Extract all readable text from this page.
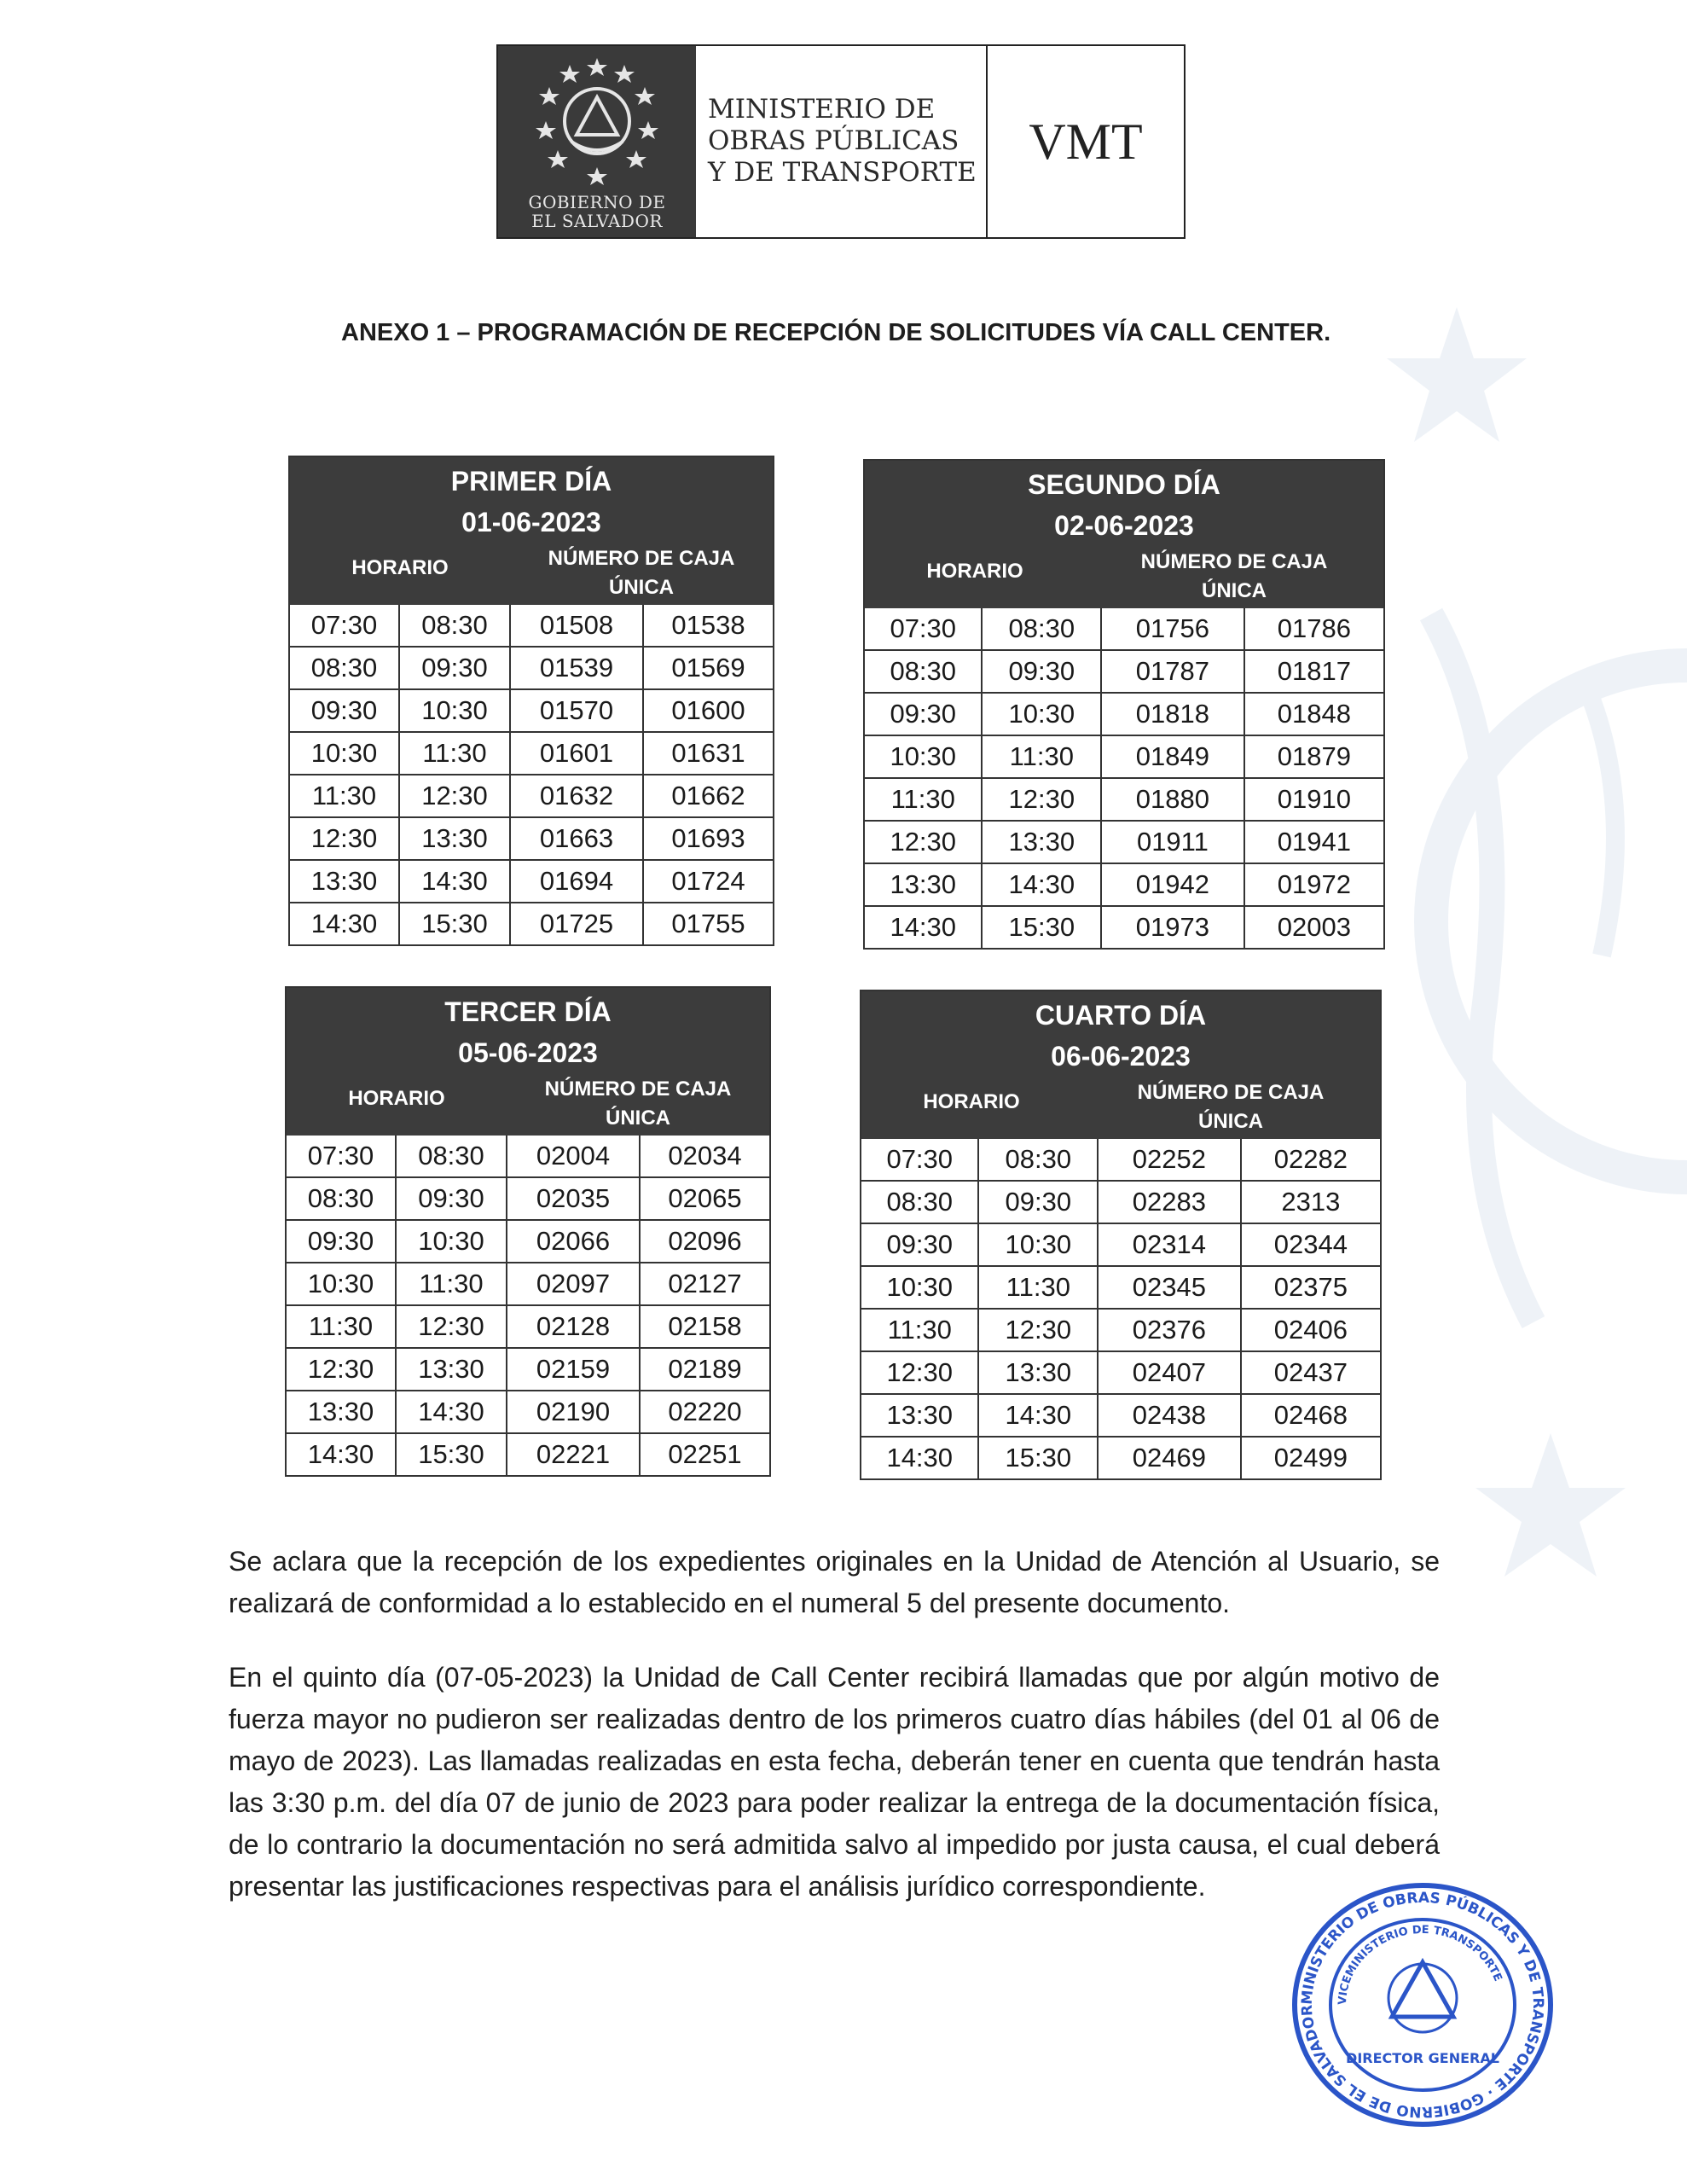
GOBIERNO DE
EL SALVADOR
MINISTERIO DE
OBRAS PÚBLICAS
Y DE TRANSPORTE
VMT
ANEXO 1 – PROGRAMACIÓN DE RECEPCIÓN DE SOLICITUDES VÍA CALL CENTER.
PRIMER DÍA
01-06-2023
HORARIO	NÚMERO DE CAJA
ÚNICA
07:30	08:30	01508	01538
08:30	09:30	01539	01569
09:30	10:30	01570	01600
10:30	11:30	01601	01631
11:30	12:30	01632	01662
12:30	13:30	01663	01693
13:30	14:30	01694	01724
14:30	15:30	01725	01755
SEGUNDO DÍA
02-06-2023
HORARIO	NÚMERO DE CAJA
ÚNICA
07:30	08:30	01756	01786
08:30	09:30	01787	01817
09:30	10:30	01818	01848
10:30	11:30	01849	01879
11:30	12:30	01880	01910
12:30	13:30	01911	01941
13:30	14:30	01942	01972
14:30	15:30	01973	02003
TERCER DÍA
05-06-2023
HORARIO	NÚMERO DE CAJA
ÚNICA
07:30	08:30	02004	02034
08:30	09:30	02035	02065
09:30	10:30	02066	02096
10:30	11:30	02097	02127
11:30	12:30	02128	02158
12:30	13:30	02159	02189
13:30	14:30	02190	02220
14:30	15:30	02221	02251
CUARTO DÍA
06-06-2023
HORARIO	NÚMERO DE CAJA
ÚNICA
07:30	08:30	02252	02282
08:30	09:30	02283	2313
09:30	10:30	02314	02344
10:30	11:30	02345	02375
11:30	12:30	02376	02406
12:30	13:30	02407	02437
13:30	14:30	02438	02468
14:30	15:30	02469	02499
Se aclara que la recepción de los expedientes originales en la Unidad de Atención al Usuario, se realizará de conformidad a lo establecido en el numeral 5 del presente documento.
En el quinto día (07-05-2023) la Unidad de Call Center recibirá llamadas que por algún motivo de fuerza mayor no pudieron ser realizadas dentro de los primeros cuatro días hábiles (del 01 al 06 de mayo de 2023). Las llamadas realizadas en esta fecha, deberán tener en cuenta que tendrán hasta las 3:30 p.m. del día 07 de junio de 2023 para poder realizar la entrega de la documentación física, de lo contrario la documentación no será admitida salvo al impedido por justa causa, el cual deberá presentar las justificaciones respectivas para el análisis jurídico correspondiente.
MINISTERIO DE OBRAS PÚBLICAS Y DE TRANSPORTE · GOBIERNO DE EL SALVADOR
VICEMINISTERIO DE TRANSPORTE
DIRECTOR GENERAL
